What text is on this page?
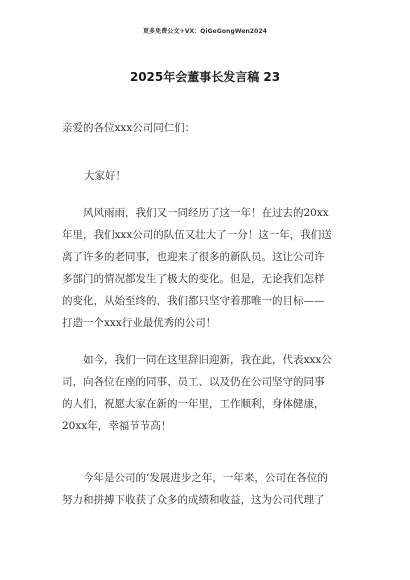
更多免费公文+VX：QiGeGongWen2024
2025年会董事长发言稿 23
亲爱的各位xxx公司同仁们：
大家好！
　　风风雨雨，我们又一同经历了这一年！在过去的20xx
年里，我们xxx公司的队伍又壮大了一分！这一年，我们送
离了许多的老同事，也迎来了很多的新队员。这让公司许
多部门的情况都发生了极大的变化。但是，无论我们怎样
的变化，从始至终的，我们都只坚守着那唯一的目标——
打造一个xxx行业最优秀的公司！
　　如今，我们一同在这里辞旧迎新，我在此，代表xxx公
司，向各位在座的同事、员工、以及仍在公司坚守的同事
的人们，祝愿大家在新的一年里，工作顺利，身体健康，
20xx年，幸福节节高！
　　今年是公司的‘发展进步之年，一年来，公司在各位的
努力和拼搏下收获了众多的成绩和收益，这为公司代理了
